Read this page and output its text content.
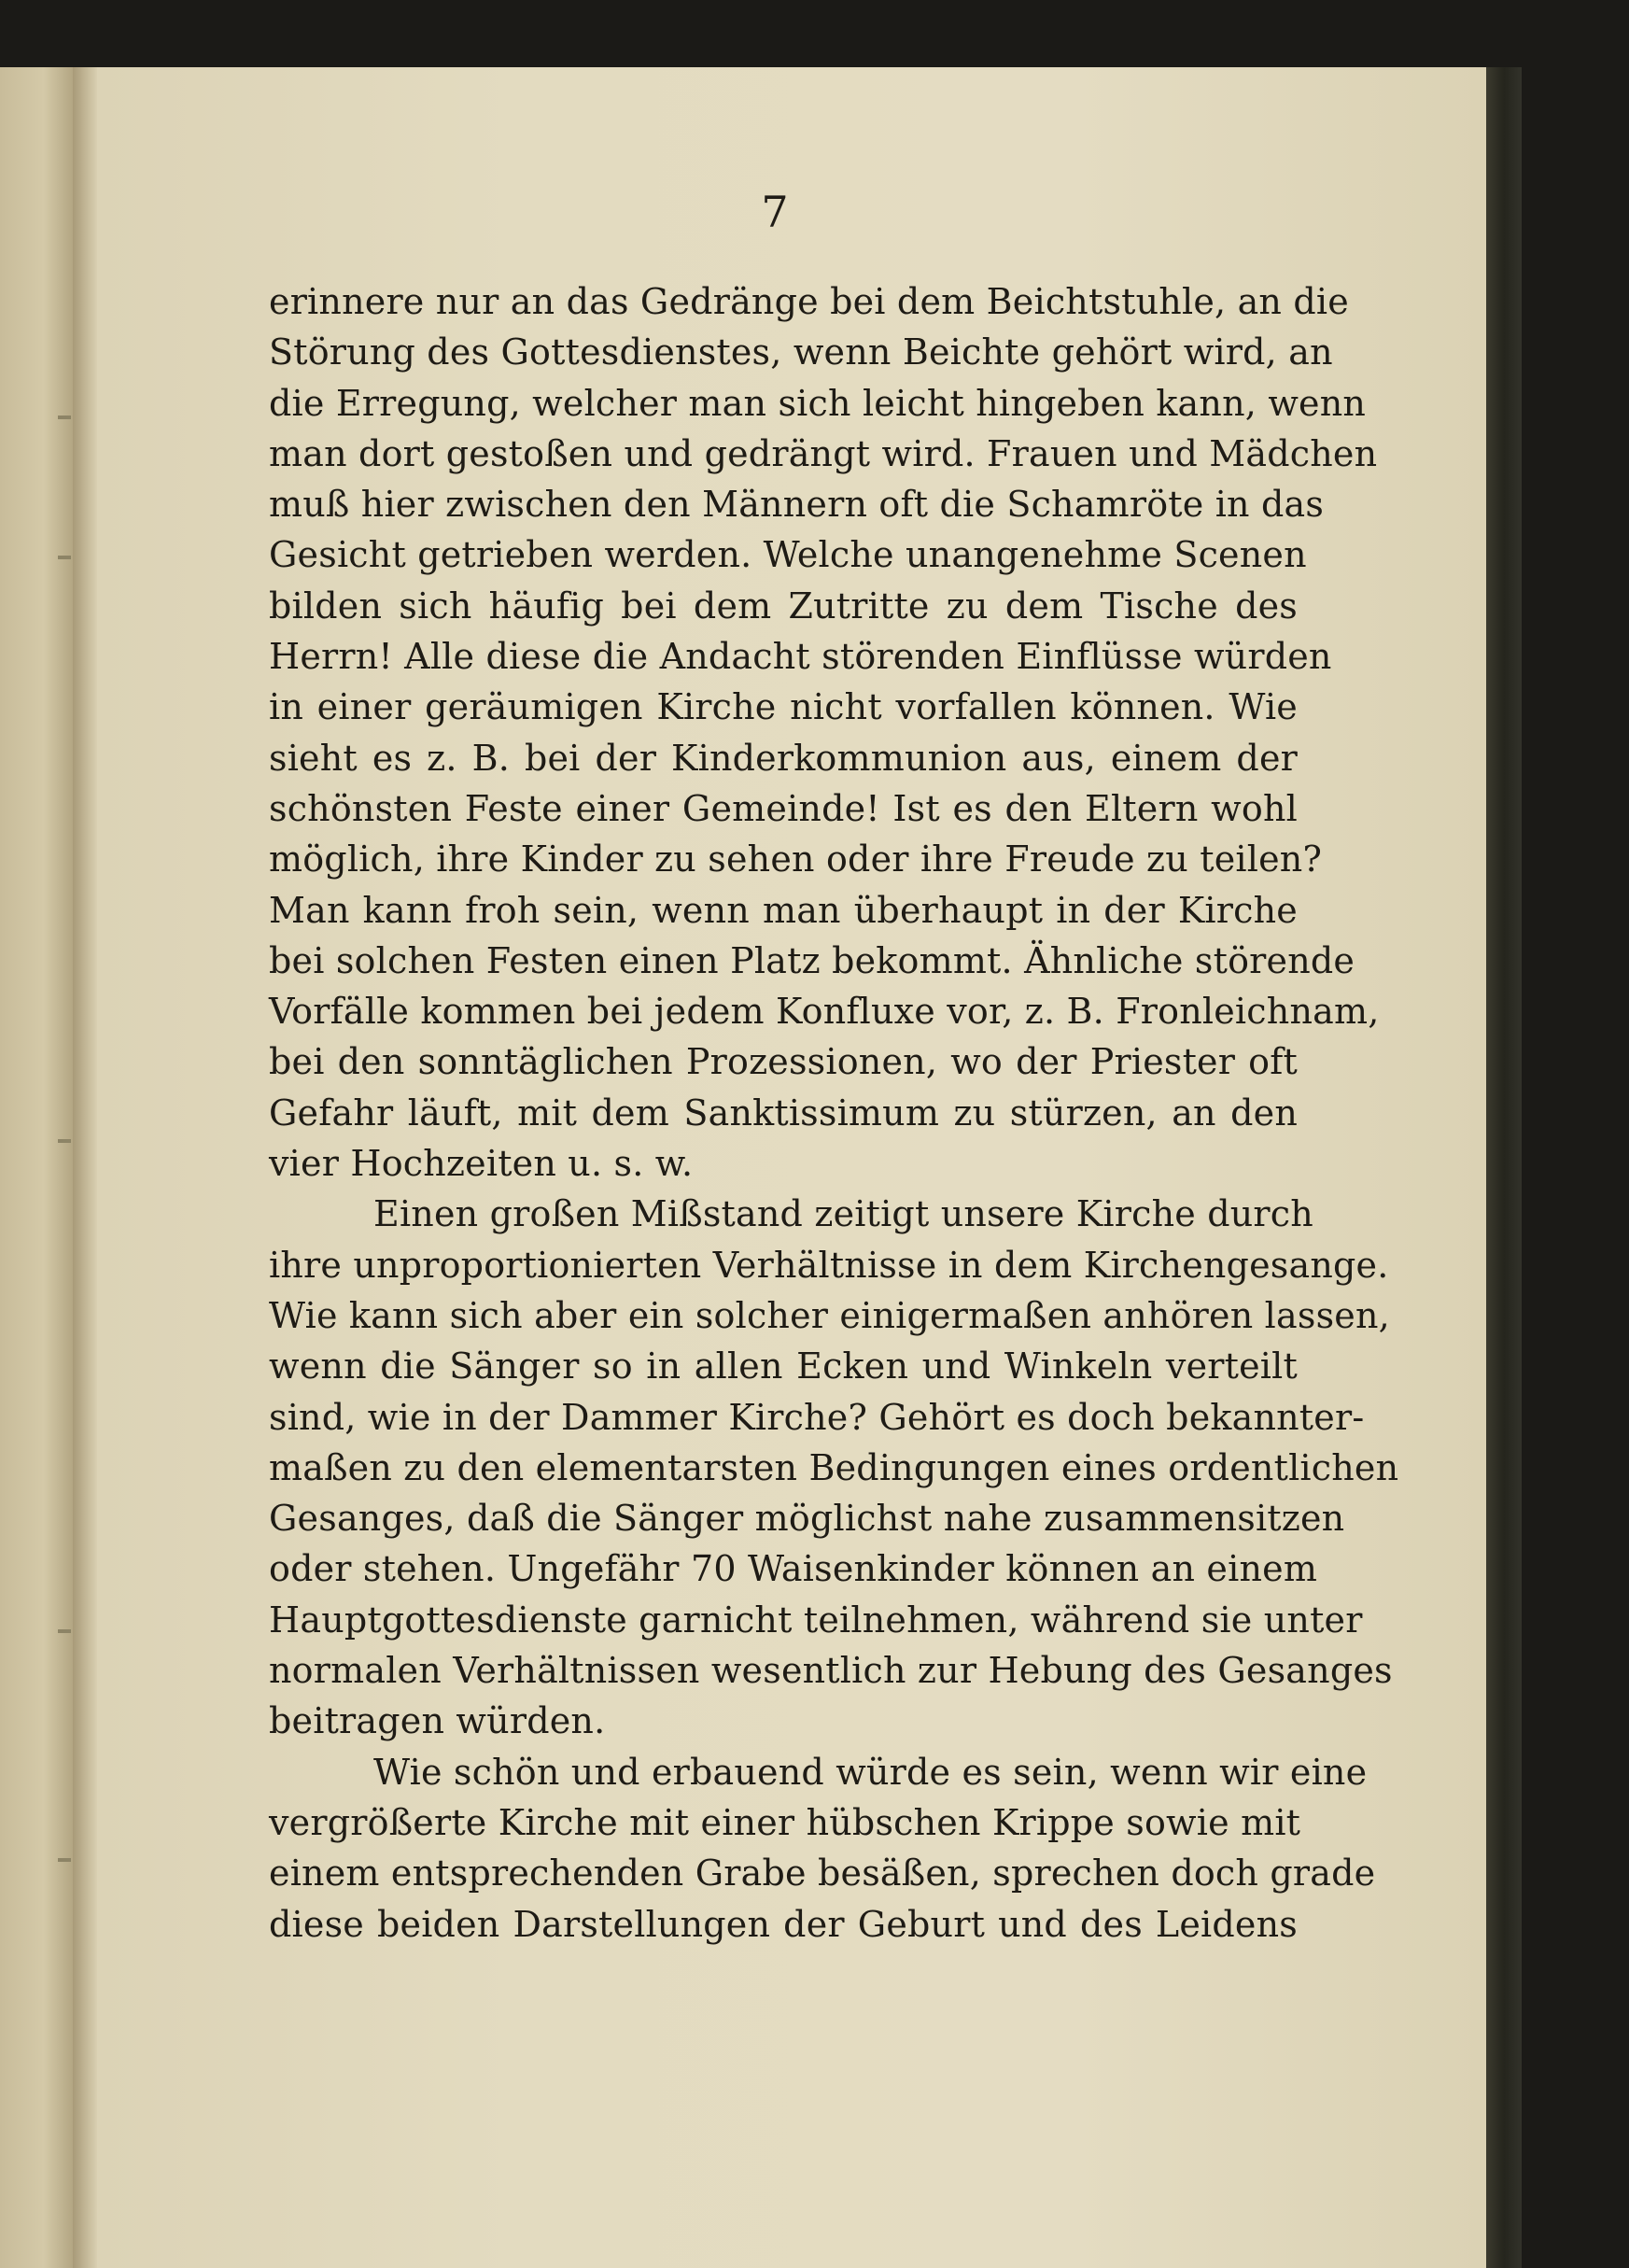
7
erinnere nur an das Gedränge bei dem Beichtstuhle, an die
Störung des Gottesdienstes, wenn Beichte gehört wird, an
die Erregung, welcher man sich leicht hingeben kann, wenn
man dort gestoßen und gedrängt wird. Frauen und Mädchen
muß hier zwischen den Männern oft die Schamröte in das
Gesicht getrieben werden. Welche unangenehme Scenen
bilden sich häufig bei dem Zutritte zu dem Tische des
Herrn! Alle diese die Andacht störenden Einflüsse würden
in einer geräumigen Kirche nicht vorfallen können. Wie
sieht es z. B. bei der Kinderkommunion aus, einem der
schönsten Feste einer Gemeinde! Ist es den Eltern wohl
möglich, ihre Kinder zu sehen oder ihre Freude zu teilen?
Man kann froh sein, wenn man überhaupt in der Kirche
bei solchen Festen einen Platz bekommt. Ähnliche störende
Vorfälle kommen bei jedem Konfluxe vor, z. B. Fronleichnam,
bei den sonntäglichen Prozessionen, wo der Priester oft
Gefahr läuft, mit dem Sanktissimum zu stürzen, an den
vier Hochzeiten u. s. w.
Einen großen Mißstand zeitigt unsere Kirche durch
ihre unproportionierten Verhältnisse in dem Kirchengesange.
Wie kann sich aber ein solcher einigermaßen anhören lassen,
wenn die Sänger so in allen Ecken und Winkeln verteilt
sind, wie in der Dammer Kirche? Gehört es doch bekannter-
maßen zu den elementarsten Bedingungen eines ordentlichen
Gesanges, daß die Sänger möglichst nahe zusammensitzen
oder stehen. Ungefähr 70 Waisenkinder können an einem
Hauptgottesdienste garnicht teilnehmen, während sie unter
normalen Verhältnissen wesentlich zur Hebung des Gesanges
beitragen würden.
Wie schön und erbauend würde es sein, wenn wir eine
vergrößerte Kirche mit einer hübschen Krippe sowie mit
einem entsprechenden Grabe besäßen, sprechen doch grade
diese beiden Darstellungen der Geburt und des Leidens
